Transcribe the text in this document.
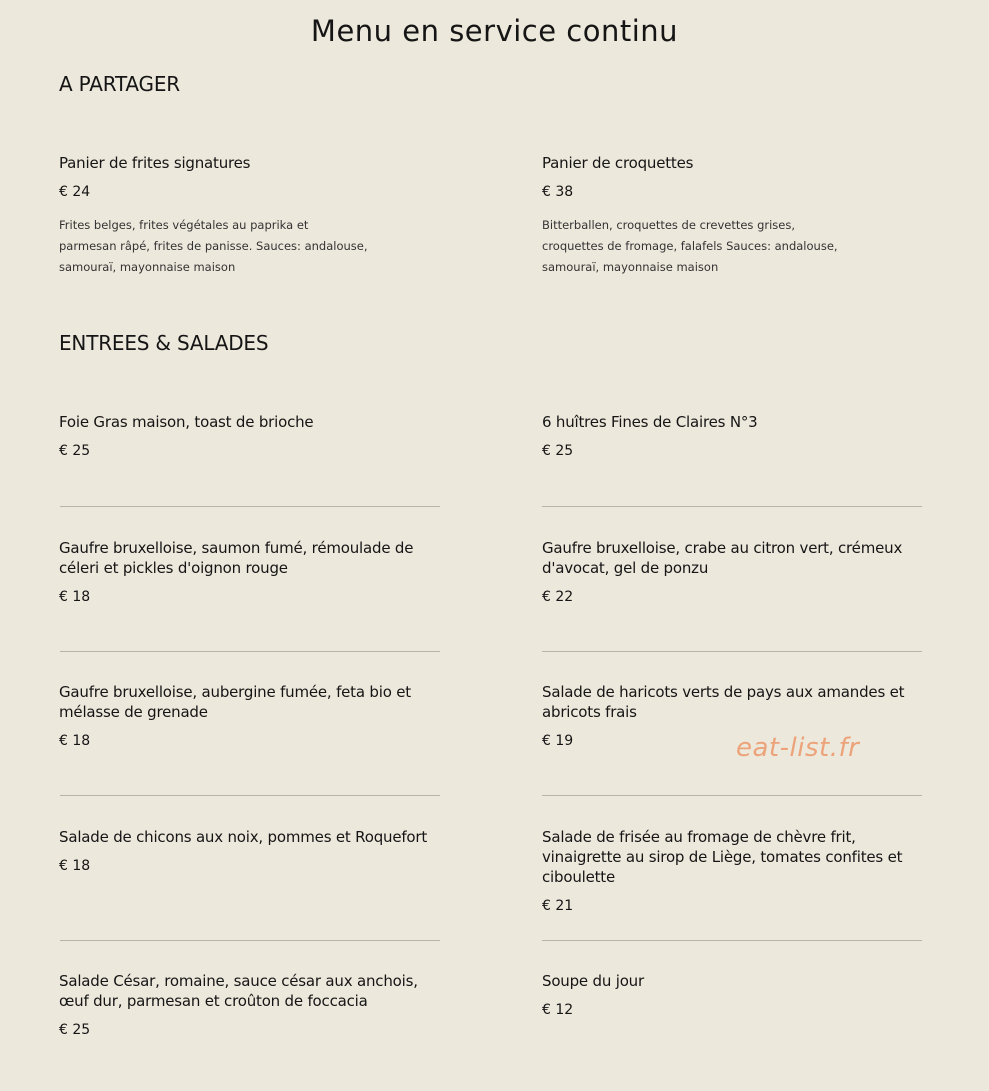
Menu en service continu
A PARTAGER

Panier de frites signatures

€ 24
Frites belges, frites végétales au paprika et parmesan râpé, frites de panisse. Sauces: andalouse, samouraï, mayonnaise maison

Panier de croquettes

€ 38
Bitterballen, croquettes de crevettes grises, croquettes de fromage, falafels Sauces: andalouse, samouraï, mayonnaise maison
ENTREES & SALADES

Foie Gras maison, toast de brioche

€ 25

6 huîtres Fines de Claires N°3

€ 25

Gaufre bruxelloise, saumon fumé, rémoulade de céleri et pickles d'oignon rouge

€ 18

Gaufre bruxelloise, crabe au citron vert, crémeux d'avocat, gel de ponzu

€ 22

Gaufre bruxelloise, aubergine fumée, feta bio et mélasse de grenade

€ 18

Salade de haricots verts de pays aux amandes et abricots frais

€ 19

Salade de chicons aux noix, pommes et Roquefort

€ 18

Salade de frisée au fromage de chèvre frit, vinaigrette au sirop de Liège, tomates confites et ciboulette

€ 21

Salade César, romaine, sauce césar aux anchois, œuf dur, parmesan et croûton de foccacia

€ 25

Soupe du jour

€ 12
eat-list.fr
